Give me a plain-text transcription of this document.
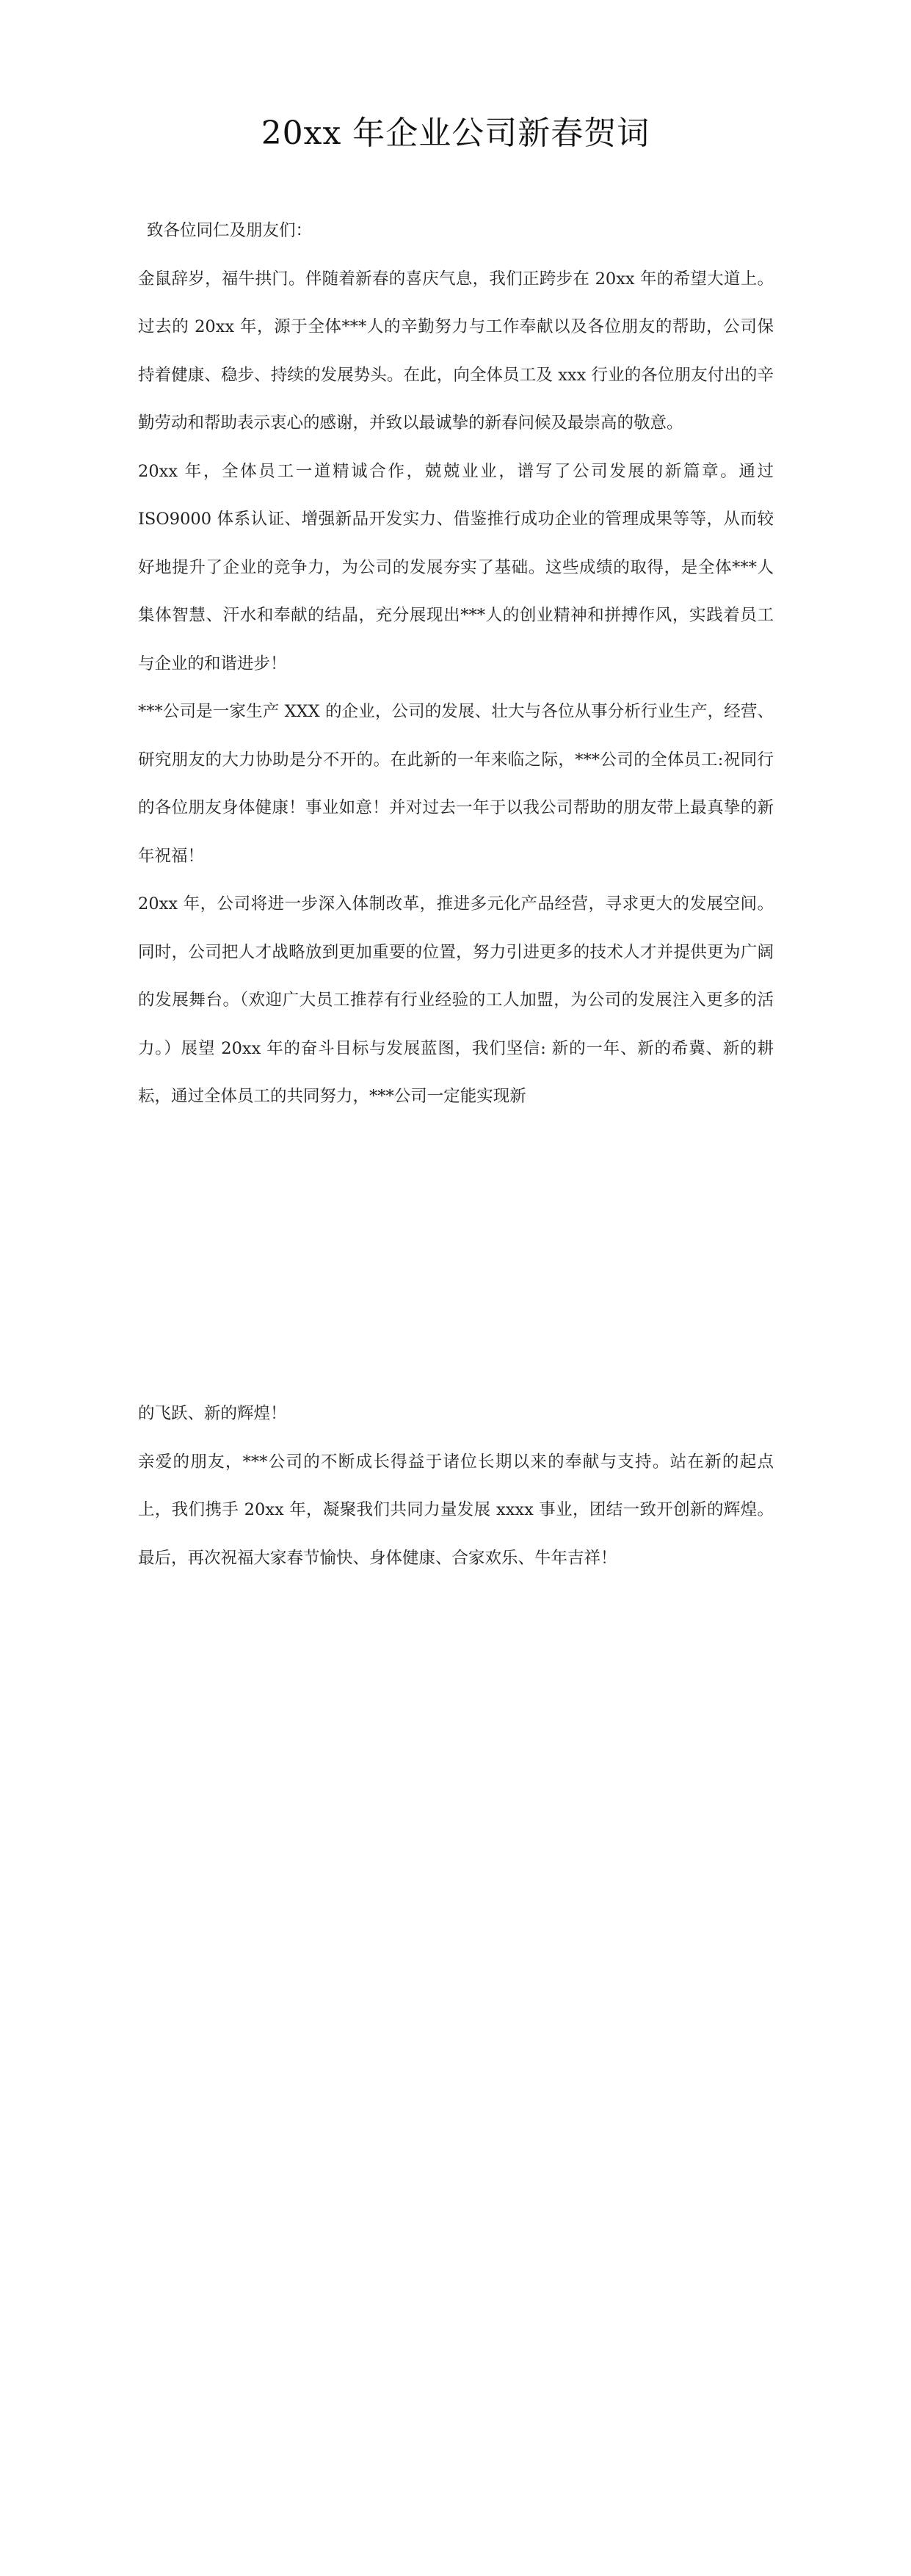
20xx 年企业公司新春贺词

致各位同仁及朋友们：

金鼠辞岁，福牛拱门。伴随着新春的喜庆气息，我们正跨步在 20xx 年的希望大道上。过去的 20xx 年，源于全体***人的辛勤努力与工作奉献以及各位朋友的帮助，公司保持着健康、稳步、持续的发展势头。在此，向全体员工及 xxx 行业的各位朋友付出的辛勤劳动和帮助表示衷心的感谢，并致以最诚挚的新春问候及最崇高的敬意。

20xx 年，全体员工一道精诚合作，兢兢业业，谱写了公司发展的新篇章。通过 ISO9000 体系认证、增强新品开发实力、借鉴推行成功企业的管理成果等等，从而较好地提升了企业的竞争力，为公司的发展夯实了基础。这些成绩的取得，是全体***人集体智慧、汗水和奉献的结晶，充分展现出***人的创业精神和拼搏作风，实践着员工与企业的和谐进步！

***公司是一家生产 XXX 的企业，公司的发展、壮大与各位从事分析行业生产，经营、研究朋友的大力协助是分不开的。在此新的一年来临之际，***公司的全体员工:祝同行的各位朋友身体健康！事业如意！并对过去一年于以我公司帮助的朋友带上最真挚的新年祝福！

20xx 年，公司将进一步深入体制改革，推进多元化产品经营，寻求更大的发展空间。同时，公司把人才战略放到更加重要的位置，努力引进更多的技术人才并提供更为广阔的发展舞台。（欢迎广大员工推荐有行业经验的工人加盟，为公司的发展注入更多的活力。）展望 20xx 年的奋斗目标与发展蓝图，我们坚信: 新的一年、新的希冀、新的耕耘，通过全体员工的共同努力，***公司一定能实现新

的飞跃、新的辉煌！

亲爱的朋友，***公司的不断成长得益于诸位长期以来的奉献与支持。站在新的起点上，我们携手 20xx 年，凝聚我们共同力量发展 xxxx 事业，团结一致开创新的辉煌。最后，再次祝福大家春节愉快、身体健康、合家欢乐、牛年吉祥！
